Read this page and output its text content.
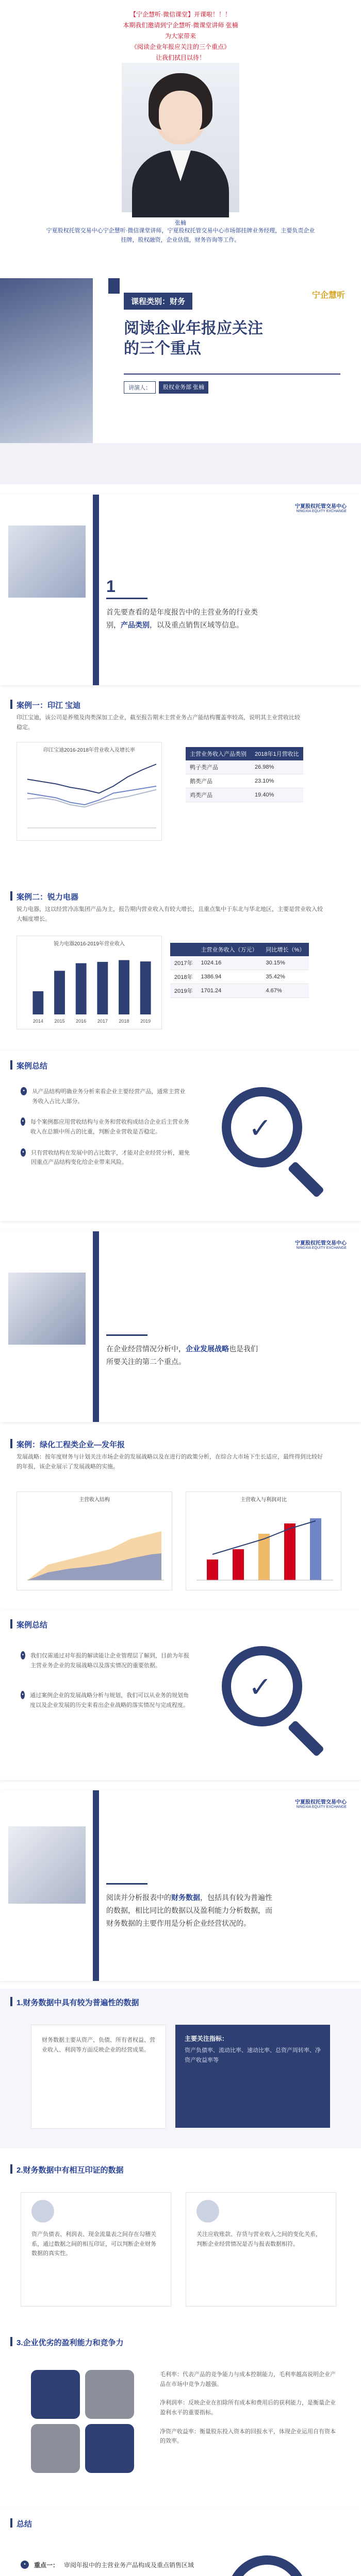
【宁企慧听·微信课堂】开课啦！！！
本期我们邀请到宁企慧听·微课堂讲师 张楠
为大家带来
《阅读企业年报应关注的三个重点》
让我们拭目以待！
张楠
宁夏股权托管交易中心宁企慧听·微信课堂讲师，宁夏股权托管交易中心市场部挂牌业务经理，主要负责企业挂牌，股权融资，企业估值，财务咨询等工作。
宁企慧听
课程类别：财务
阅读企业年报应关注
的三个重点
讲演人：	股权业务部 张楠
宁夏股权托管交易中心
NINGXIA EQUITY EXCHANGE
1
首先要查看的是年度报告中的主营业务的行业类别，产品类别，以及重点销售区域等信息。
案例一：印江 宝迪
印江宝迪，该公司是养殖及肉类深加工企业，截至报告期末主营业务占产能结构覆盖率较高，说明其主业营收比较稳定。
印江宝迪2016-2018年营业收入及增长率
主营业务收入产品类别	2018年1月营收比
鸭子类产品	26.98%
鹅类产品	23.10%
鸡类产品	19.40%
案例二：锐力电器
锐力电器，这以经营冷冻集团产品为主，报告期内营业收入有较大增长，且重点集中于东北与华北地区，主要是营业收入较大幅度增长。
锐力电器2016-2019年营业收入
2014 2015 2016 2017 2018 2019
	主营业务收入（万元）	同比增长（%）
2017年	1024.16	30.15%
2018年	1386.94	35.42%
2019年	1701.24	4.67%
案例总结
•	从产品结构明确业务分析来看企业主要经营产品，通常主营业务收入占比大部分。
• 每个案例都应用营收结构与业务和营收构成结合企业后主营业务收入在总额中所占的比重，判断企业营收是否稳定。
• 只有营收结构在发展中的占比数字，才能对企业经营分析，避免因重点产品结构变化给企业带来风险。
✓
宁夏股权托管交易中心
NINGXIA EQUITY EXCHANGE
在企业经营情况分析中，企业发展战略也是我们所要关注的第二个重点。
案例：绿化工程类企业—发年报
发展战略：按年度财务与计划关注市场企业的发展战略以及在进行的政策分析，在综合大市场下生长适应，最终得到比较好的年报，该企业展示了发展战略的实施。
主营收入结构	主营收入与利润对比
案例总结
• 我们仅需通过对年报的解读能让企业管理层了解到，目前为年报主营业务企业的发展战略以及落实情况的重要依据。
• 通过案例企业的发展战略分析与规划，我们可以从业务的规划角度以及企业发展的历史来看出企业战略的落实情况与完成程度。
✓
宁夏股权托管交易中心
NINGXIA EQUITY EXCHANGE
阅读并分析报表中的财务数据，包括具有较为普遍性的数据，相比同比的数据以及盈利能力分析数据，而财务数据的主要作用是分析企业经营状况的。
1.财务数据中具有较为普遍性的数据
财务数据主要从资产、负债、所有者权益、营业收入、利润等方面反映企业的经营成果。
主要关注指标：
资产负债率、流动比率、速动比率、总资产周转率、净资产收益率等
2.财务数据中有相互印证的数据
资产负债表、利润表、现金流量表之间存在勾稽关系，通过数据之间的相互印证，可以判断企业财务数据的真实性。
关注应收账款、存货与营业收入之间的变化关系，判断企业经营情况是否与报表数据相符。
3.企业优劣的盈利能力和竞争力
毛利率：代表产品的竞争能力与成本控制能力，毛利率越高说明企业产品在市场中竞争力越强。
净利润率：反映企业在扣除所有成本和费用后的获利能力，是衡量企业盈利水平的重要指标。
净资产收益率：衡量股东投入资本的回报水平，体现企业运用自有资本的效率。
总结
•	重点一： 审阅年报中的主营业务产品构成及重点销售区域
